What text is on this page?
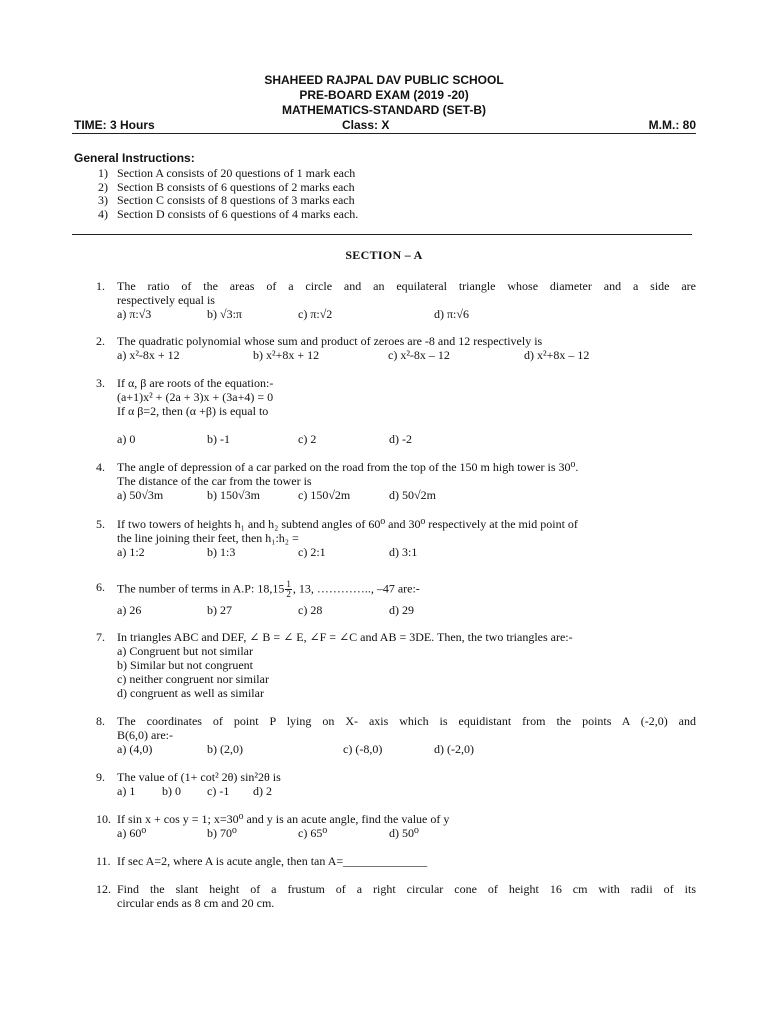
SHAHEED RAJPAL DAV PUBLIC SCHOOL
PRE-BOARD EXAM (2019 -20)
MATHEMATICS-STANDARD (SET-B)
TIME: 3 Hours	Class: X	M.M.: 80
General Instructions:
1) Section A consists of 20 questions of 1 mark each
2) Section B consists of 6 questions of 2 marks each
3) Section C consists of 8 questions of 3 marks each
4) Section D consists of 6 questions of 4 marks each.
SECTION – A
1.	The ratio of the areas of a circle and an equilateral triangle whose diameter and a side are
respectively equal is
a) π:√3	b) √3:π	c) π:√2	d) π:√6
2.	The quadratic polynomial whose sum and product of zeroes are -8 and 12 respectively is
a) x²-8x + 12	b) x²+8x + 12	c) x²-8x – 12	d) x²+8x – 12
3.	If α, β are roots of the equation:-
(a+1)x² + (2a + 3)x + (3a+4) = 0
If α β=2, then (α +β) is equal to
a) 0	b) -1	c) 2	d) -2
4.	The angle of depression of a car parked on the road from the top of the 150 m high tower is 30⁰.
The distance of the car from the tower is
a) 50√3m	b) 150√3m	c) 150√2m	d) 50√2m
5.	If two towers of heights h₁ and h₂ subtend angles of 60⁰ and 30⁰ respectively at the mid point of
the line joining their feet, then h₁:h₂ =
a) 1:2	b) 1:3	c) 2:1	d) 3:1
6.	The number of terms in A.P: $18,15 \frac{1}{2}$ , 13, ………….., –47 are:-
a) 26	b) 27	c) 28	d) 29
7.	In triangles ABC and DEF, ∠ B = ∠ E, ∠F = ∠C and AB = 3DE. Then, the two triangles are:-
a) Congruent but not similar
b) Similar but not congruent
c) neither congruent nor similar
d) congruent as well as similar
8.	The coordinates of point P lying on X- axis which is equidistant from the points A (-2,0) and
B(6,0) are:-
a) (4,0)	b) (2,0)	c) (-8,0)	d) (-2,0)
9.	The value of (1+ cot² 2θ) sin²2θ is
a) 1 b) 0 c) -1 d) 2
10. If sin x + cos y = 1; x=30⁰ and y is an acute angle, find the value of y
a) 60⁰	b) 70⁰	c) 65⁰	d) 50⁰
11. If sec A=2, where A is acute angle, then tan A=______________
12. Find the slant height of a frustum of a right circular cone of height 16 cm with radii of its
circular ends as 8 cm and 20 cm.
